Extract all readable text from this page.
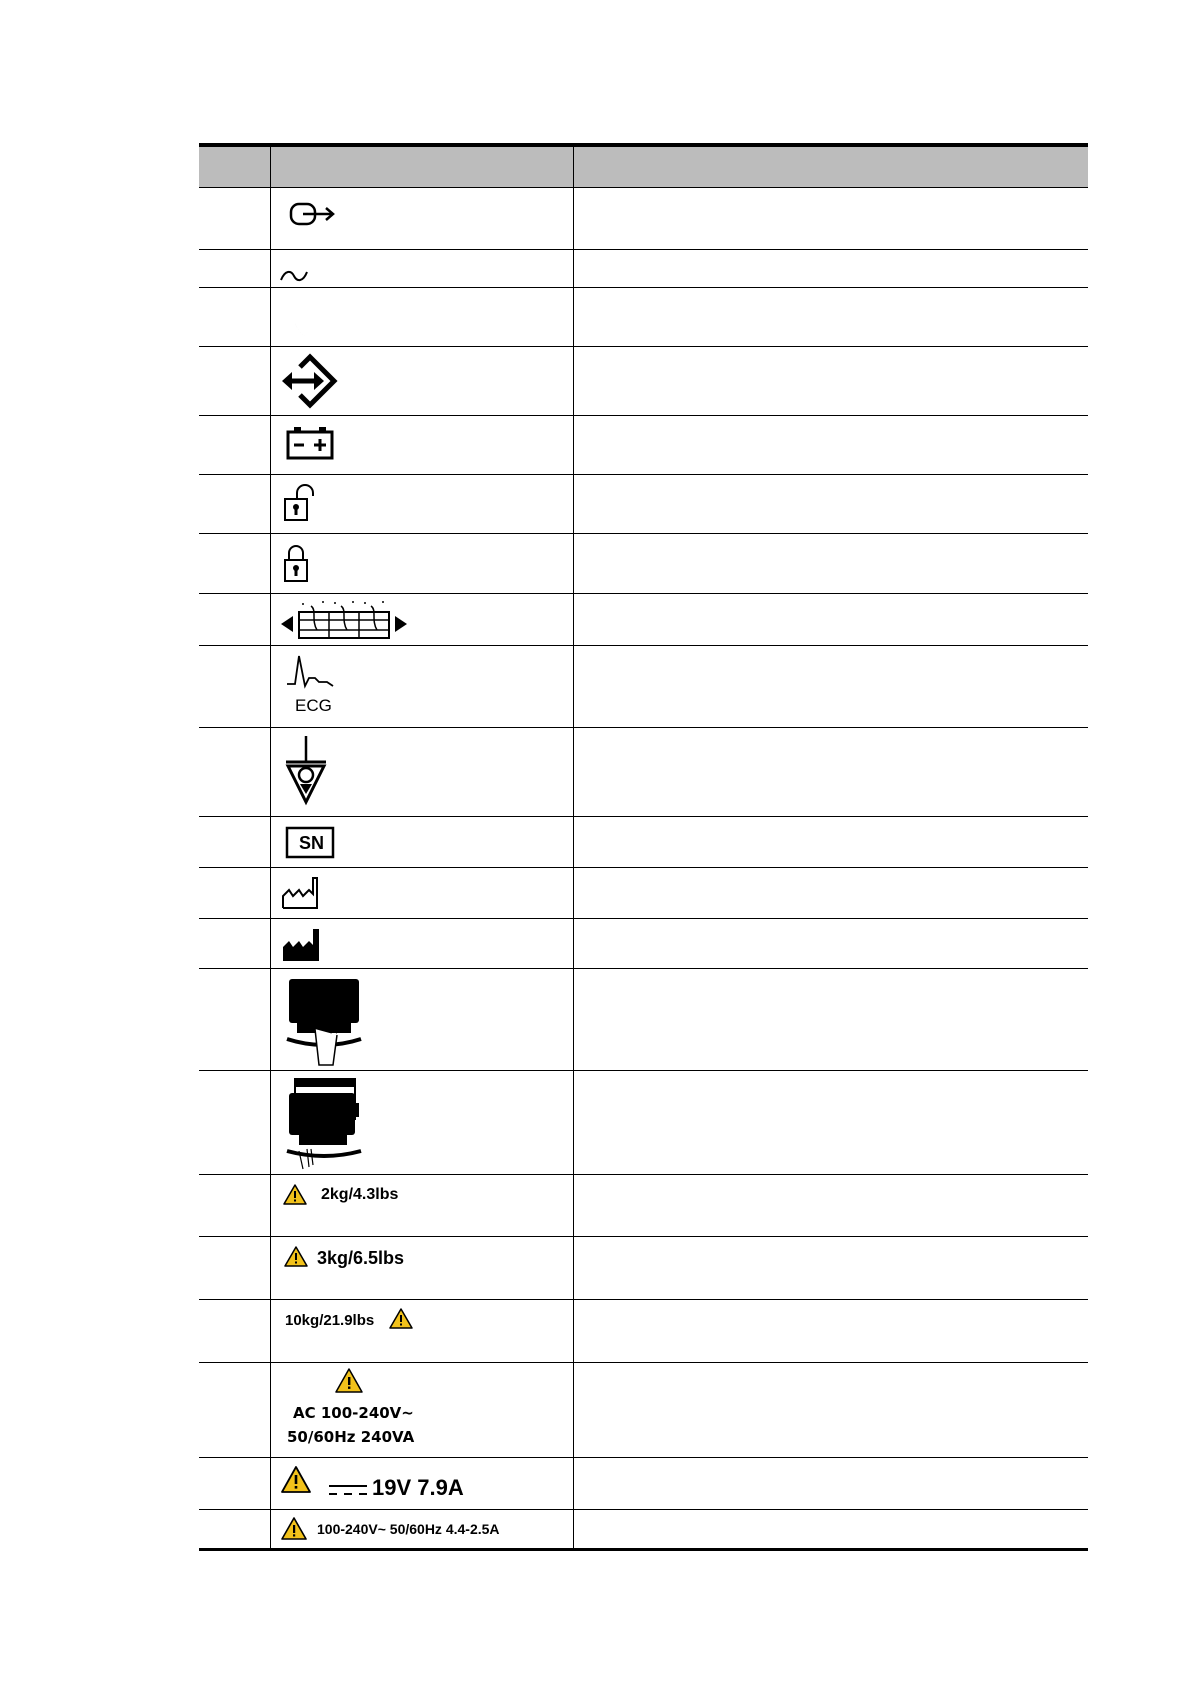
ECG
SN
2kg/4.3lbs
3kg/6.5lbs
10kg/21.9lbs
AC 100-240V~
50/60Hz 240VA
19V 7.9A
100-240V~ 50/60Hz 4.4-2.5A
